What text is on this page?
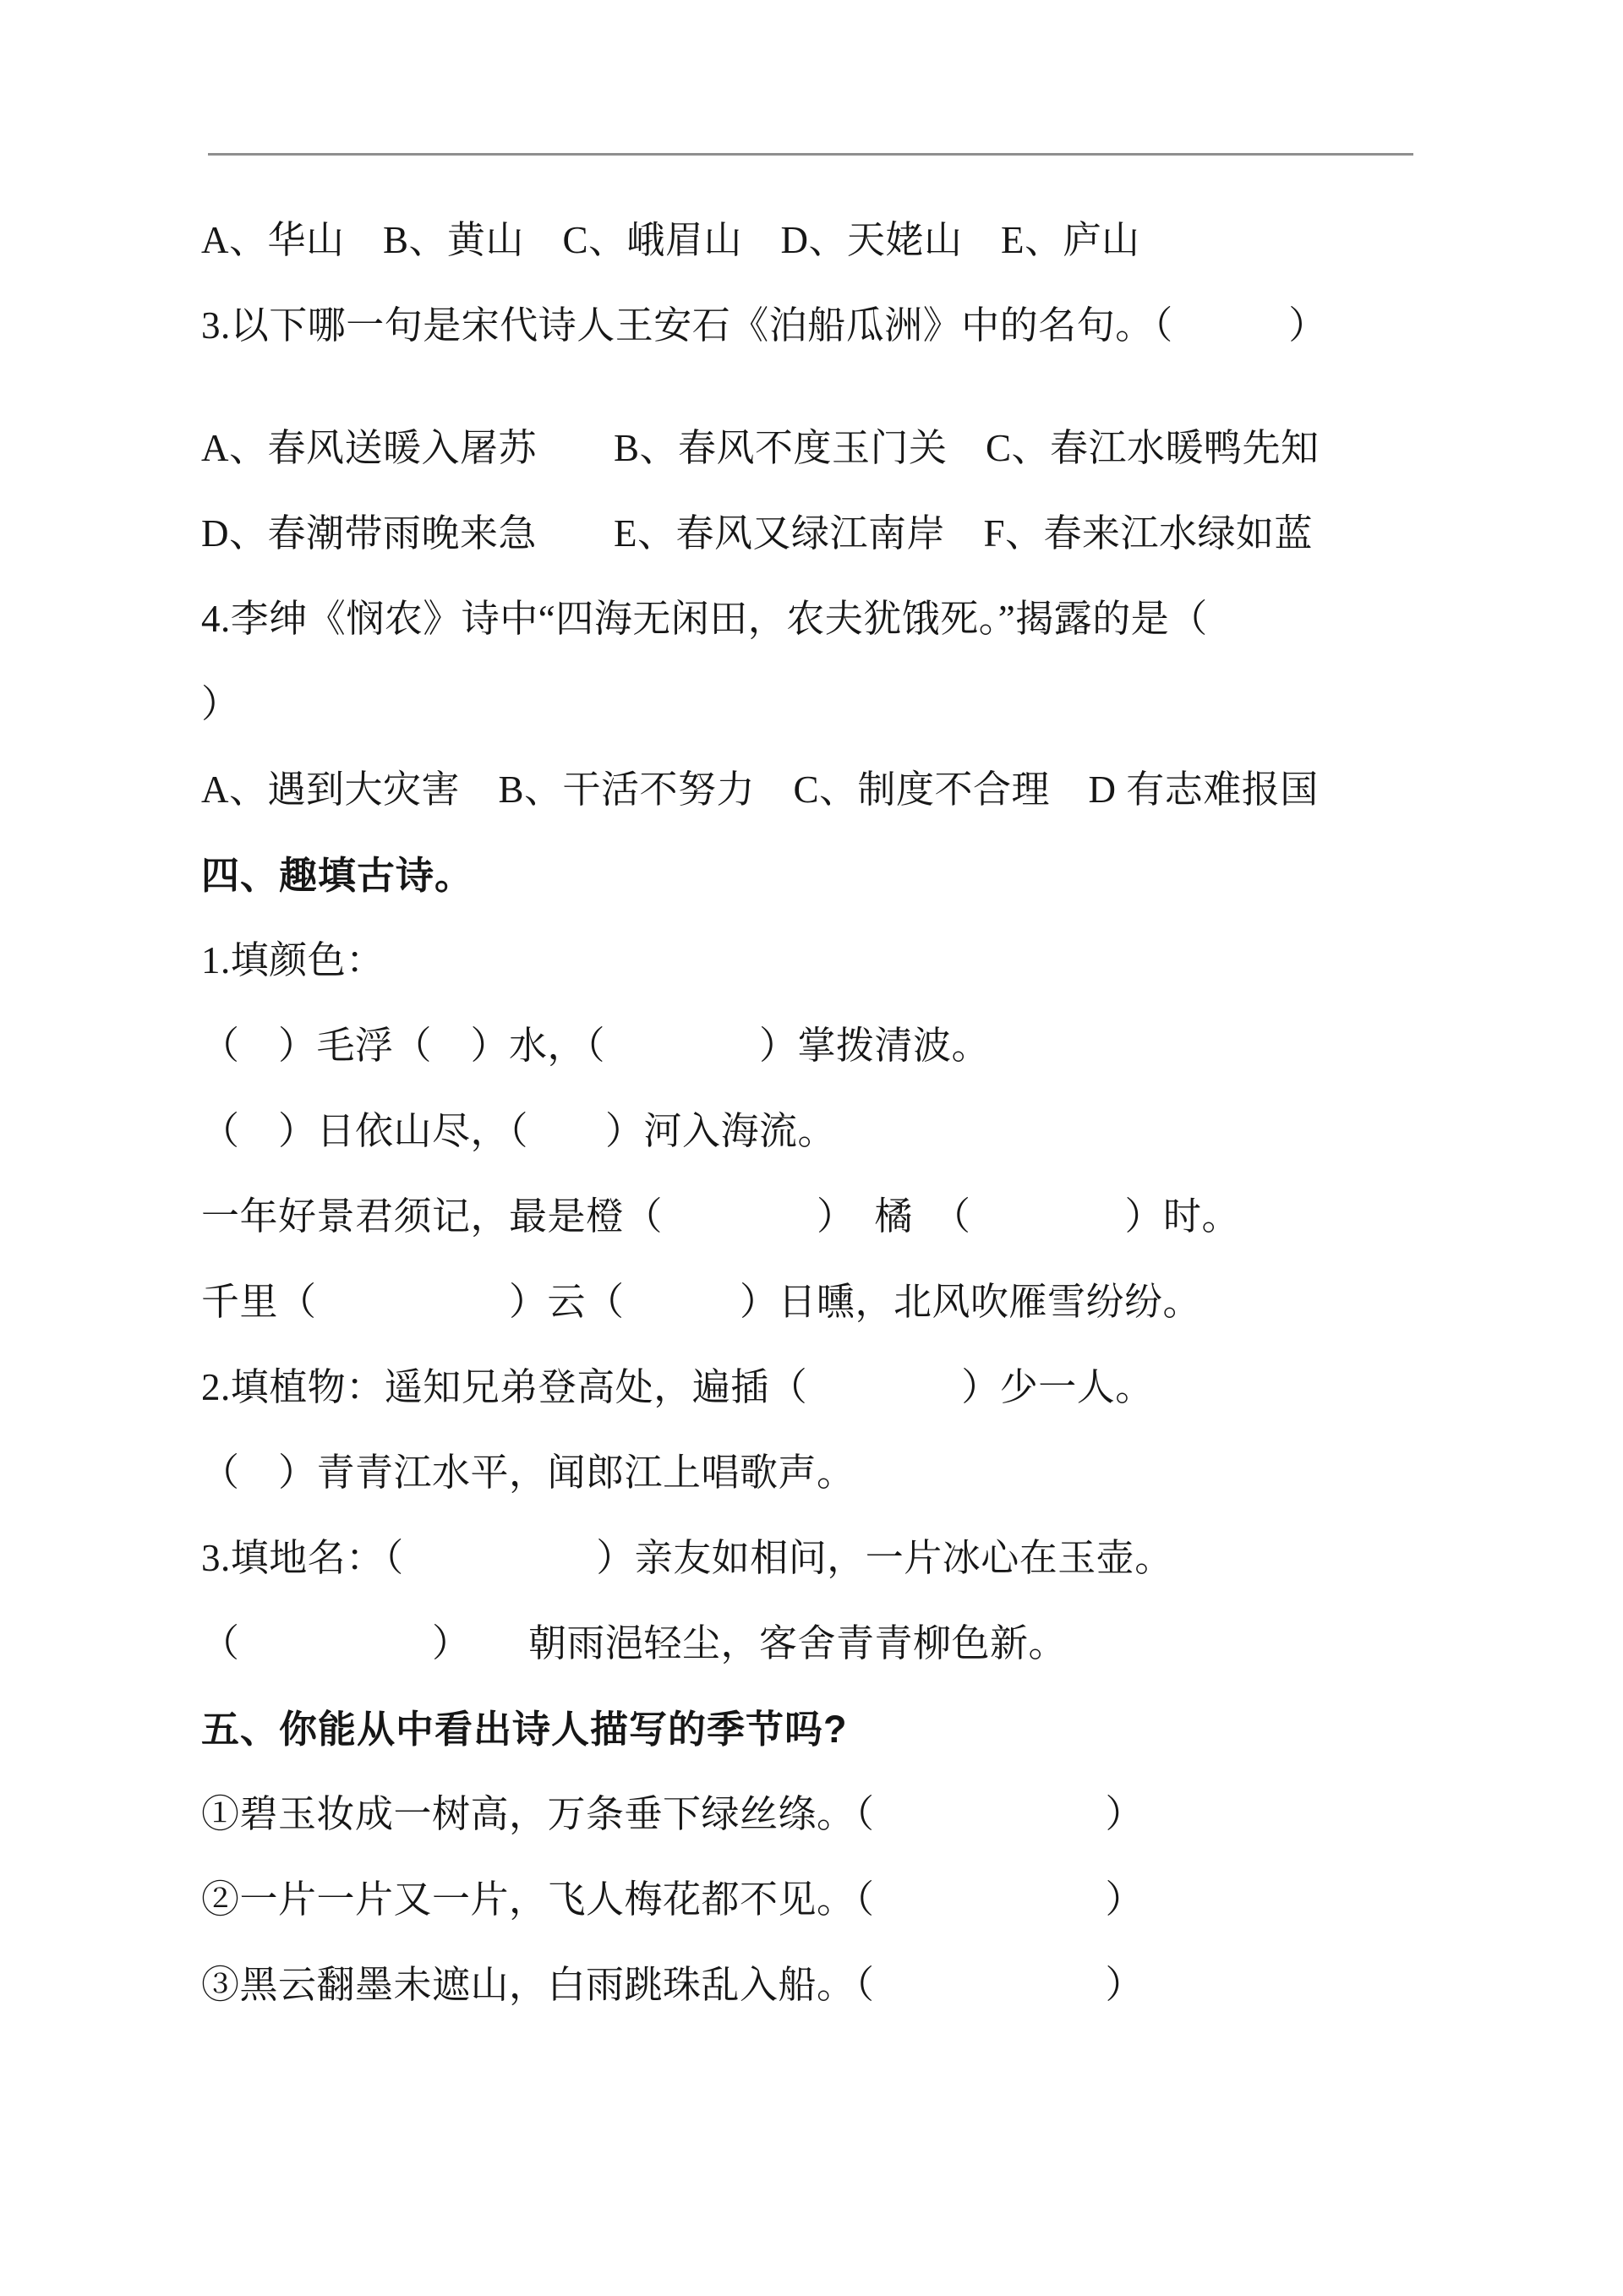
A、华山　B、黄山　C、峨眉山　D、天姥山　E、庐山

3.以下哪一句是宋代诗人王安石《泊船瓜洲》中的名句。（　　　）

A、春风送暖入屠苏　　B、春风不度玉门关　C、春江水暖鸭先知

D、春潮带雨晚来急　　E、春风又绿江南岸　F、春来江水绿如蓝

4.李绅《悯农》诗中“四海无闲田，农夫犹饿死。”揭露的是（

）

A、遇到大灾害　B、干活不努力　C、制度不合理　D 有志难报国

四、趣填古诗。

1.填颜色：

（　）毛浮（　）水，（　　　　）掌拨清波。

（　）日依山尽，（　　）河入海流。

一年好景君须记，最是橙（　　　　）　橘　（　　　　）时。

千里（　　　　　）云（　　　）日曛，北风吹雁雪纷纷。

2.填植物：遥知兄弟登高处，遍插（　　　　）少一人。

（　）青青江水平，闻郎江上唱歌声。

3.填地名：（　　　　　）亲友如相问，一片冰心在玉壶。

（　　　　　）　　朝雨浥轻尘，客舍青青柳色新。

五、你能从中看出诗人描写的季节吗?

①碧玉妆成一树高，万条垂下绿丝绦。（　　　　　　）

②一片一片又一片，飞人梅花都不见。（　　　　　　）

③黑云翻墨未遮山，白雨跳珠乱入船。（　　　　　　）
